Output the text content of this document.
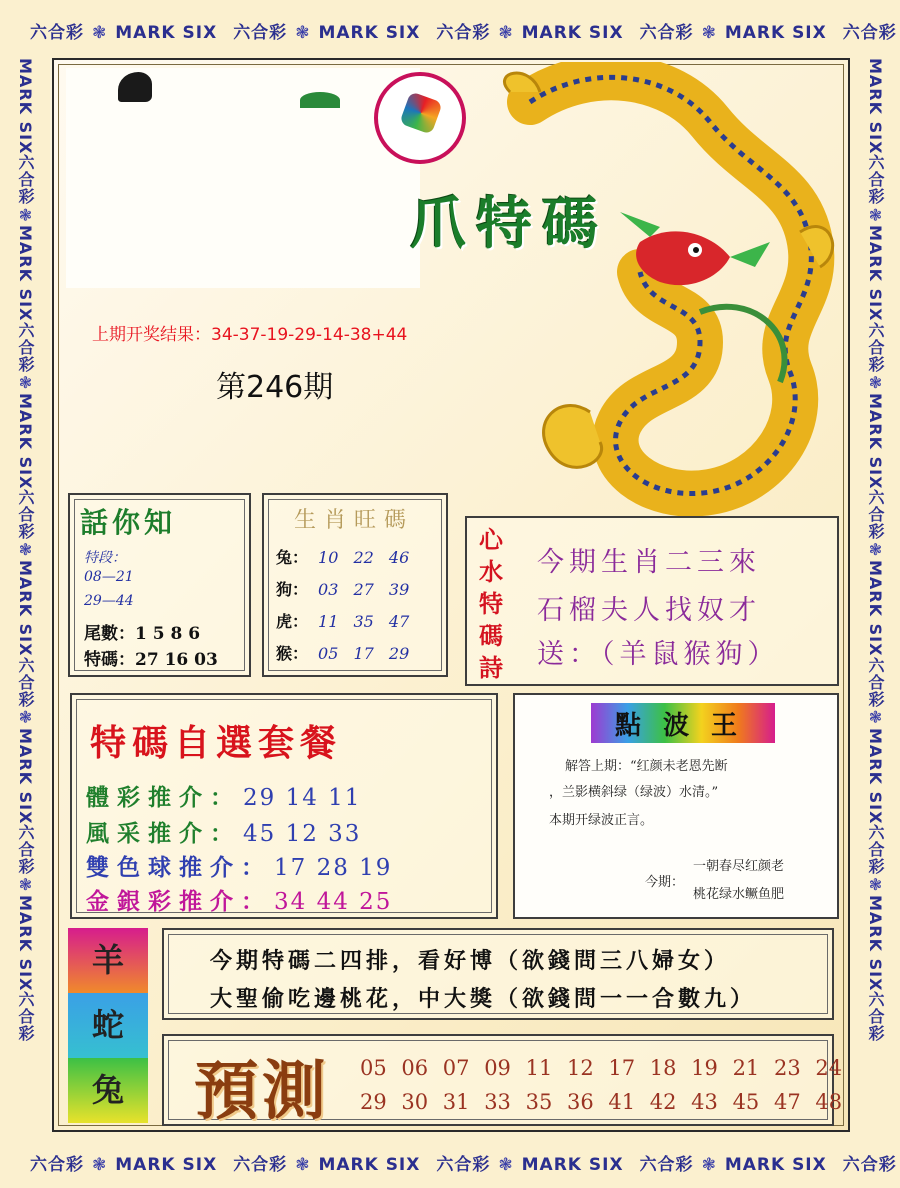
六合彩 ❃ MARK SIX 六合彩 ❃ MARK SIX 六合彩 ❃ MARK SIX 六合彩 ❃ MARK SIX 六合彩
六合彩 ❃ MARK SIX 六合彩 ❃ MARK SIX 六合彩 ❃ MARK SIX 六合彩 ❃ MARK SIX 六合彩
MARK SIX六合彩❃MARK SIX六合彩❃MARK SIX六合彩❃MARK SIX六合彩❃MARK SIX六合彩❃MARK SIX六合彩
MARK SIX六合彩❃MARK SIX六合彩❃MARK SIX六合彩❃MARK SIX六合彩❃MARK SIX六合彩❃MARK SIX六合彩
爪特碼
上期开奖结果：34-37-19-29-14-38+44
第246期
話你知
特段：
08—21
29—44
尾數：1 5 8 6
特碼：27 16 03
生肖旺碼
兔： 10 22 46
狗： 03 27 39
虎： 11 35 47
猴： 05 17 29
心水特碼詩
今期生肖二三來
石榴夫人找奴才
送：（羊鼠猴狗）
特碼自選套餐
體彩推介：29 14 11
風采推介：45 12 33
雙色球推介：17 28 19
金銀彩推介：34 44 25
點波王
解答上期：“红颜未老恩先断
，兰影横斜绿（绿波）水清。”
本期开绿波正言。
今期：
一朝春尽红颜老
桃花绿水鳜鱼肥
羊
蛇
兔
今期特碼二四排，看好博（欲錢問三八婦女）
大聖偷吃邊桃花，中大獎（欲錢問一一合數九）
預測 05 06 07 09 11 12 17 18 19 21 23 24
29 30 31 33 35 36 41 42 43 45 47 48
